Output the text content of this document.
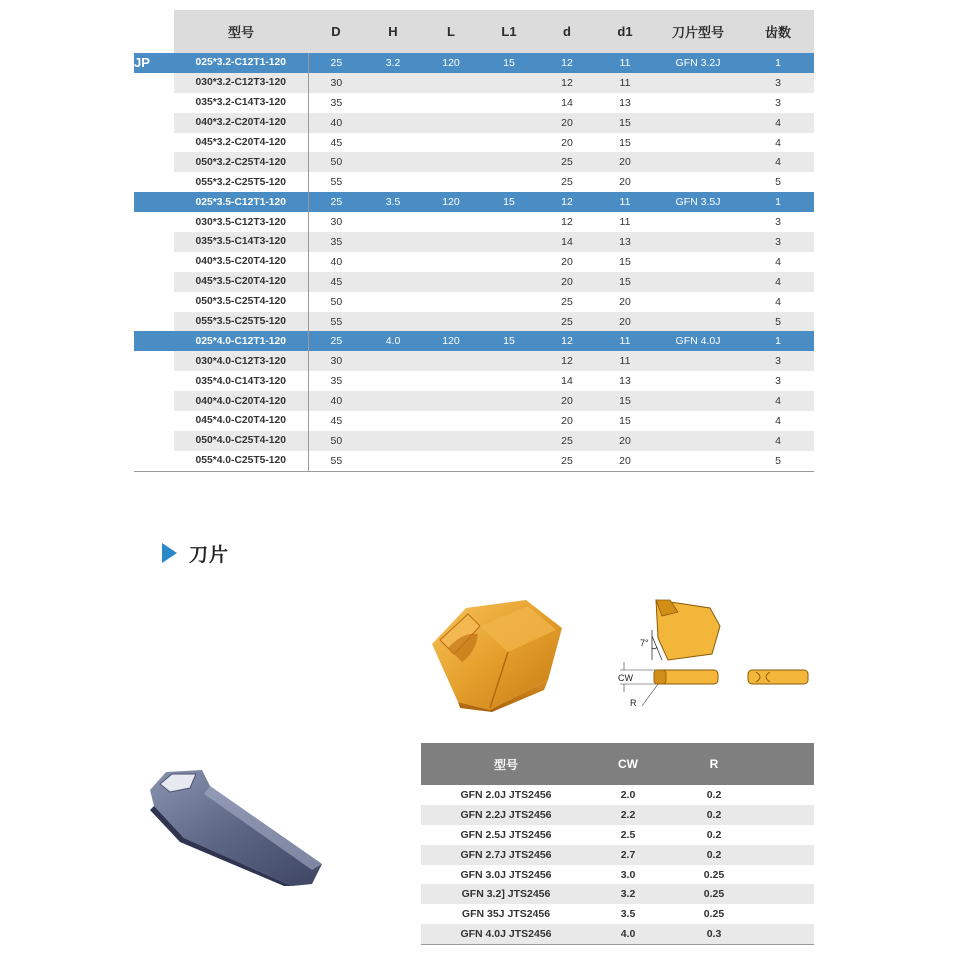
	型号	D	H	L	L1	d	d1	刀片型号	齿数
JP	025*3.2-C12T1-120	25	3.2	120	15	12	11	GFN 3.2J	1
	030*3.2-C12T3-120	30				12	11		3
	035*3.2-C14T3-120	35				14	13		3
	040*3.2-C20T4-120	40				20	15		4
	045*3.2-C20T4-120	45				20	15		4
	050*3.2-C25T4-120	50				25	20		4
	055*3.2-C25T5-120	55				25	20		5
	025*3.5-C12T1-120	25	3.5	120	15	12	11	GFN 3.5J	1
	030*3.5-C12T3-120	30				12	11		3
	035*3.5-C14T3-120	35				14	13		3
	040*3.5-C20T4-120	40				20	15		4
	045*3.5-C20T4-120	45				20	15		4
	050*3.5-C25T4-120	50				25	20		4
	055*3.5-C25T5-120	55				25	20		5
	025*4.0-C12T1-120	25	4.0	120	15	12	11	GFN 4.0J	1
	030*4.0-C12T3-120	30				12	11		3
	035*4.0-C14T3-120	35				14	13		3
	040*4.0-C20T4-120	40				20	15		4
	045*4.0-C20T4-120	45				20	15		4
	050*4.0-C25T4-120	50				25	20		4
	055*4.0-C25T5-120	55				25	20		5
刀片
7°
CW
R
型号	CW	R	
GFN 2.0J JTS2456	2.0	0.2	
GFN 2.2J JTS2456	2.2	0.2	
GFN 2.5J JTS2456	2.5	0.2	
GFN 2.7J JTS2456	2.7	0.2	
GFN 3.0J JTS2456	3.0	0.25	
GFN 3.2] JTS2456	3.2	0.25	
GFN 35J JTS2456	3.5	0.25	
GFN 4.0J JTS2456	4.0	0.3	
